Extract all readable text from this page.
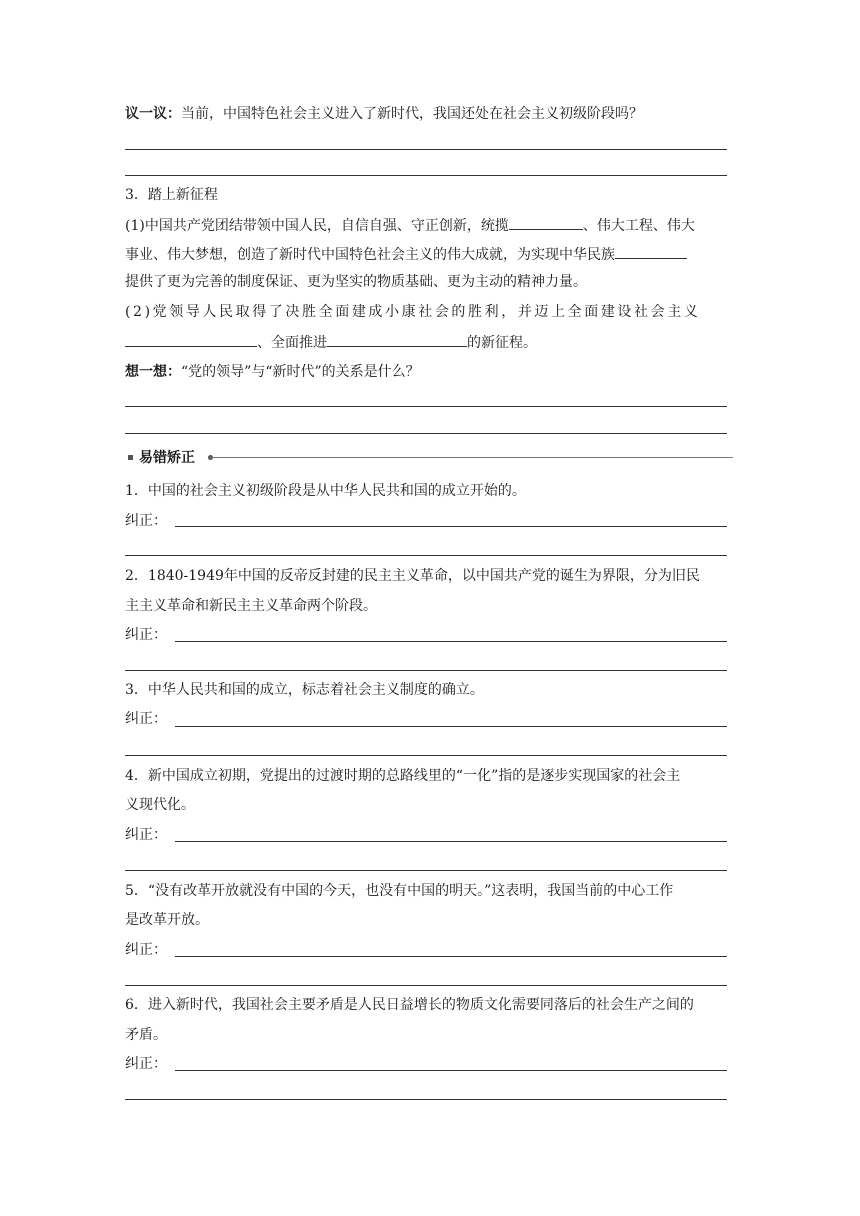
议一议：当前，中国特色社会主义进入了新时代，我国还处在社会主义初级阶段吗？
3．踏上新征程
(1)中国共产党团结带领中国人民，自信自强、守正创新，统揽	、伟大工程、伟大
事业、伟大梦想，创造了新时代中国特色社会主义的伟大成就，为实现中华民族
提供了更为完善的制度保证、更为坚实的物质基础、更为主动的精神力量。
(2)党领导人民取得了决胜全面建成小康社会的胜利，并迈上全面建设社会主义
、全面推进	的新征程。
想一想：“党的领导”与“新时代”的关系是什么？
易错矫正
1．中国的社会主义初级阶段是从中华人民共和国的成立开始的。
纠正：
2．1840-1949年中国的反帝反封建的民主主义革命，以中国共产党的诞生为界限，分为旧民
主主义革命和新民主主义革命两个阶段。
纠正：
3．中华人民共和国的成立，标志着社会主义制度的确立。
纠正：
4．新中国成立初期，党提出的过渡时期的总路线里的“一化”指的是逐步实现国家的社会主
义现代化。
纠正：
5．“没有改革开放就没有中国的今天，也没有中国的明天。”这表明，我国当前的中心工作
是改革开放。
纠正：
6．进入新时代，我国社会主要矛盾是人民日益增长的物质文化需要同落后的社会生产之间的
矛盾。
纠正：
